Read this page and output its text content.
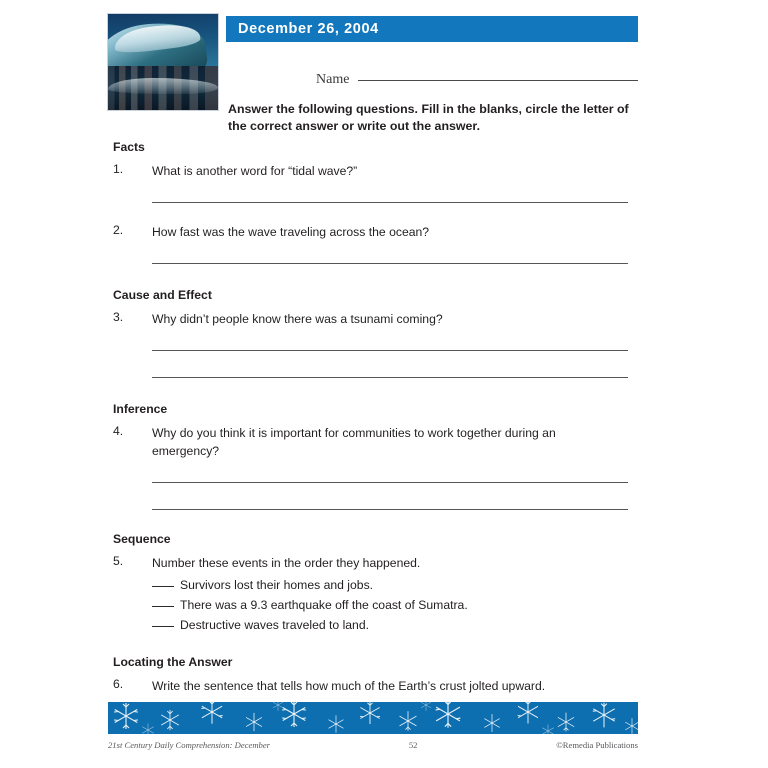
December 26, 2004
Name
Answer the following questions. Fill in the blanks, circle the letter of the correct answer or write out the answer.
Facts
1.	What is another word for “tidal wave?”
2.	How fast was the wave traveling across the ocean?
Cause and Effect
3.	Why didn’t people know there was a tsunami coming?
Inference
4.	Why do you think it is important for communities to work together during an emergency?
Sequence
5.	Number these events in the order they happened.
Survivors lost their homes and jobs.
There was a 9.3 earthquake off the coast of Sumatra.
Destructive waves traveled to land.
Locating the Answer
6.	Write the sentence that tells how much of the Earth’s crust jolted upward.
21st Century Daily Comprehension: December	52	©Remedia Publications
